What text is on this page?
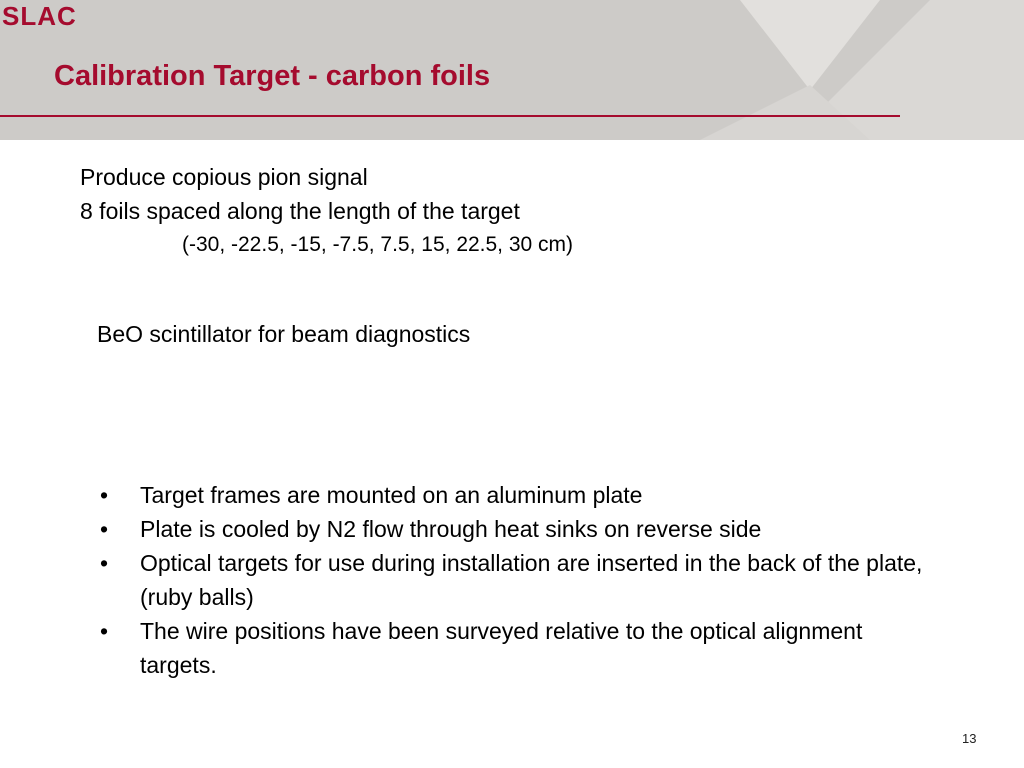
Calibration Target - carbon foils
SLAC

Produce copious pion signal

8 foils spaced along the length of the target

(-30, -22.5, -15, -7.5, 7.5, 15, 22.5, 30 cm)

BeO scintillator for beam diagnostics

• Target frames are mounted on an aluminum plate
• Plate is cooled by N2 flow through heat sinks on reverse side
• Optical targets for use during installation are inserted in the back of the plate, (ruby balls)
• The wire positions have been surveyed relative to the optical alignment targets.
13
